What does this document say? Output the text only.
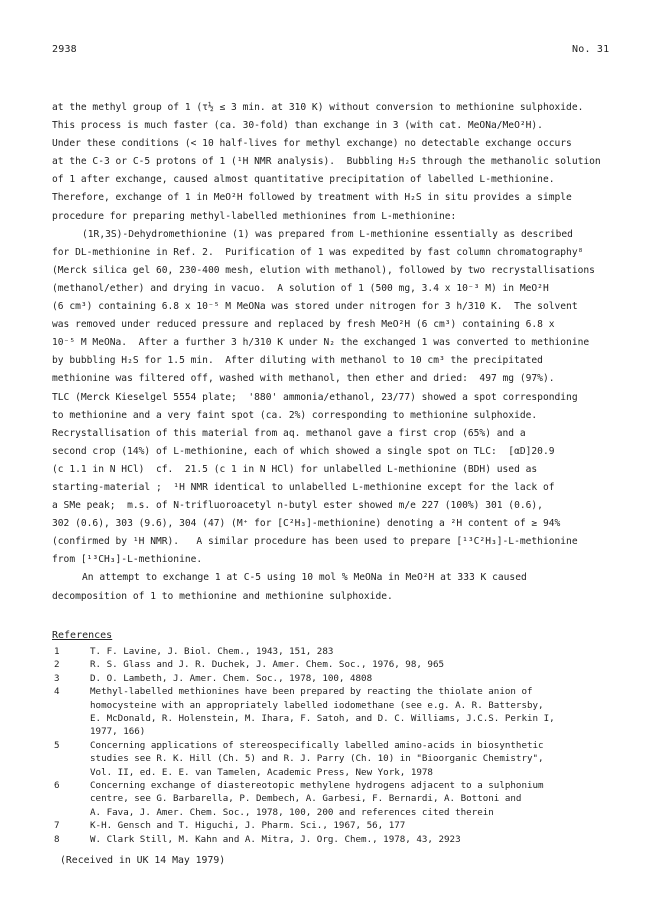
2938	No. 31
at the methyl group of 1 (τ½ ≤ 3 min. at 310 K) without conversion to methionine sulphoxide.
This process is much faster (ca. 30-fold) than exchange in 3 (with cat. MeONa/MeO²H).
Under these conditions (< 10 half-lives for methyl exchange) no detectable exchange occurs
at the C-3 or C-5 protons of 1 (¹H NMR analysis).  Bubbling H₂S through the methanolic solution
of 1 after exchange, caused almost quantitative precipitation of labelled L-methionine.
Therefore, exchange of 1 in MeO²H followed by treatment with H₂S in situ provides a simple
procedure for preparing methyl-labelled methionines from L-methionine:
(1R,3S)-Dehydromethionine (1) was prepared from L-methionine essentially as described
for DL-methionine in Ref. 2.  Purification of 1 was expedited by fast column chromatography⁸
(Merck silica gel 60, 230-400 mesh, elution with methanol), followed by two recrystallisations
(methanol/ether) and drying in vacuo.  A solution of 1 (500 mg, 3.4 x 10⁻³ M) in MeO²H
(6 cm³) containing 6.8 x 10⁻⁵ M MeONa was stored under nitrogen for 3 h/310 K.  The solvent
was removed under reduced pressure and replaced by fresh MeO²H (6 cm³) containing 6.8 x
10⁻⁵ M MeONa.  After a further 3 h/310 K under N₂ the exchanged 1 was converted to methionine
by bubbling H₂S for 1.5 min.  After diluting with methanol to 10 cm³ the precipitated
methionine was filtered off, washed with methanol, then ether and dried:  497 mg (97%).
TLC (Merck Kieselgel 5554 plate;  '880' ammonia/ethanol, 23/77) showed a spot corresponding
to methionine and a very faint spot (ca. 2%) corresponding to methionine sulphoxide.
Recrystallisation of this material from aq. methanol gave a first crop (65%) and a
second crop (14%) of L-methionine, each of which showed a single spot on TLC:  [αD]20.9
(c 1.1 in N HCl)  cf.  21.5 (c 1 in N HCl) for unlabelled L-methionine (BDH) used as
starting-material ;  ¹H NMR identical to unlabelled L-methionine except for the lack of
a SMe peak;  m.s. of N-trifluoroacetyl n-butyl ester showed m/e 227 (100%) 301 (0.6),
302 (0.6), 303 (9.6), 304 (47) (M⁺ for [C²H₃]-methionine) denoting a ²H content of ≥ 94%
(confirmed by ¹H NMR).   A similar procedure has been used to prepare [¹³C²H₃]-L-methionine
from [¹³CH₃]-L-methionine.
An attempt to exchange 1 at C-5 using 10 mol % MeONa in MeO²H at 333 K caused
decomposition of 1 to methionine and methionine sulphoxide.
References
1	T. F. Lavine, J. Biol. Chem., 1943, 151, 283
2	R. S. Glass and J. R. Duchek, J. Amer. Chem. Soc., 1976, 98, 965
3	D. O. Lambeth, J. Amer. Chem. Soc., 1978, 100, 4808
4	Methyl-labelled methionines have been prepared by reacting the thiolate anion of
homocysteine with an appropriately labelled iodomethane (see e.g. A. R. Battersby,
E. McDonald, R. Holenstein, M. Ihara, F. Satoh, and D. C. Williams, J.C.S. Perkin I,
1977, 166)
5	Concerning applications of stereospecifically labelled amino-acids in biosynthetic
studies see R. K. Hill (Ch. 5) and R. J. Parry (Ch. 10) in "Bioorganic Chemistry",
Vol. II, ed. E. E. van Tamelen, Academic Press, New York, 1978
6	Concerning exchange of diastereotopic methylene hydrogens adjacent to a sulphonium
centre, see G. Barbarella, P. Dembech, A. Garbesi, F. Bernardi, A. Bottoni and
A. Fava, J. Amer. Chem. Soc., 1978, 100, 200 and references cited therein
7	K-H. Gensch and T. Higuchi, J. Pharm. Sci., 1967, 56, 177
8	W. Clark Still, M. Kahn and A. Mitra, J. Org. Chem., 1978, 43, 2923
(Received in UK 14 May 1979)
